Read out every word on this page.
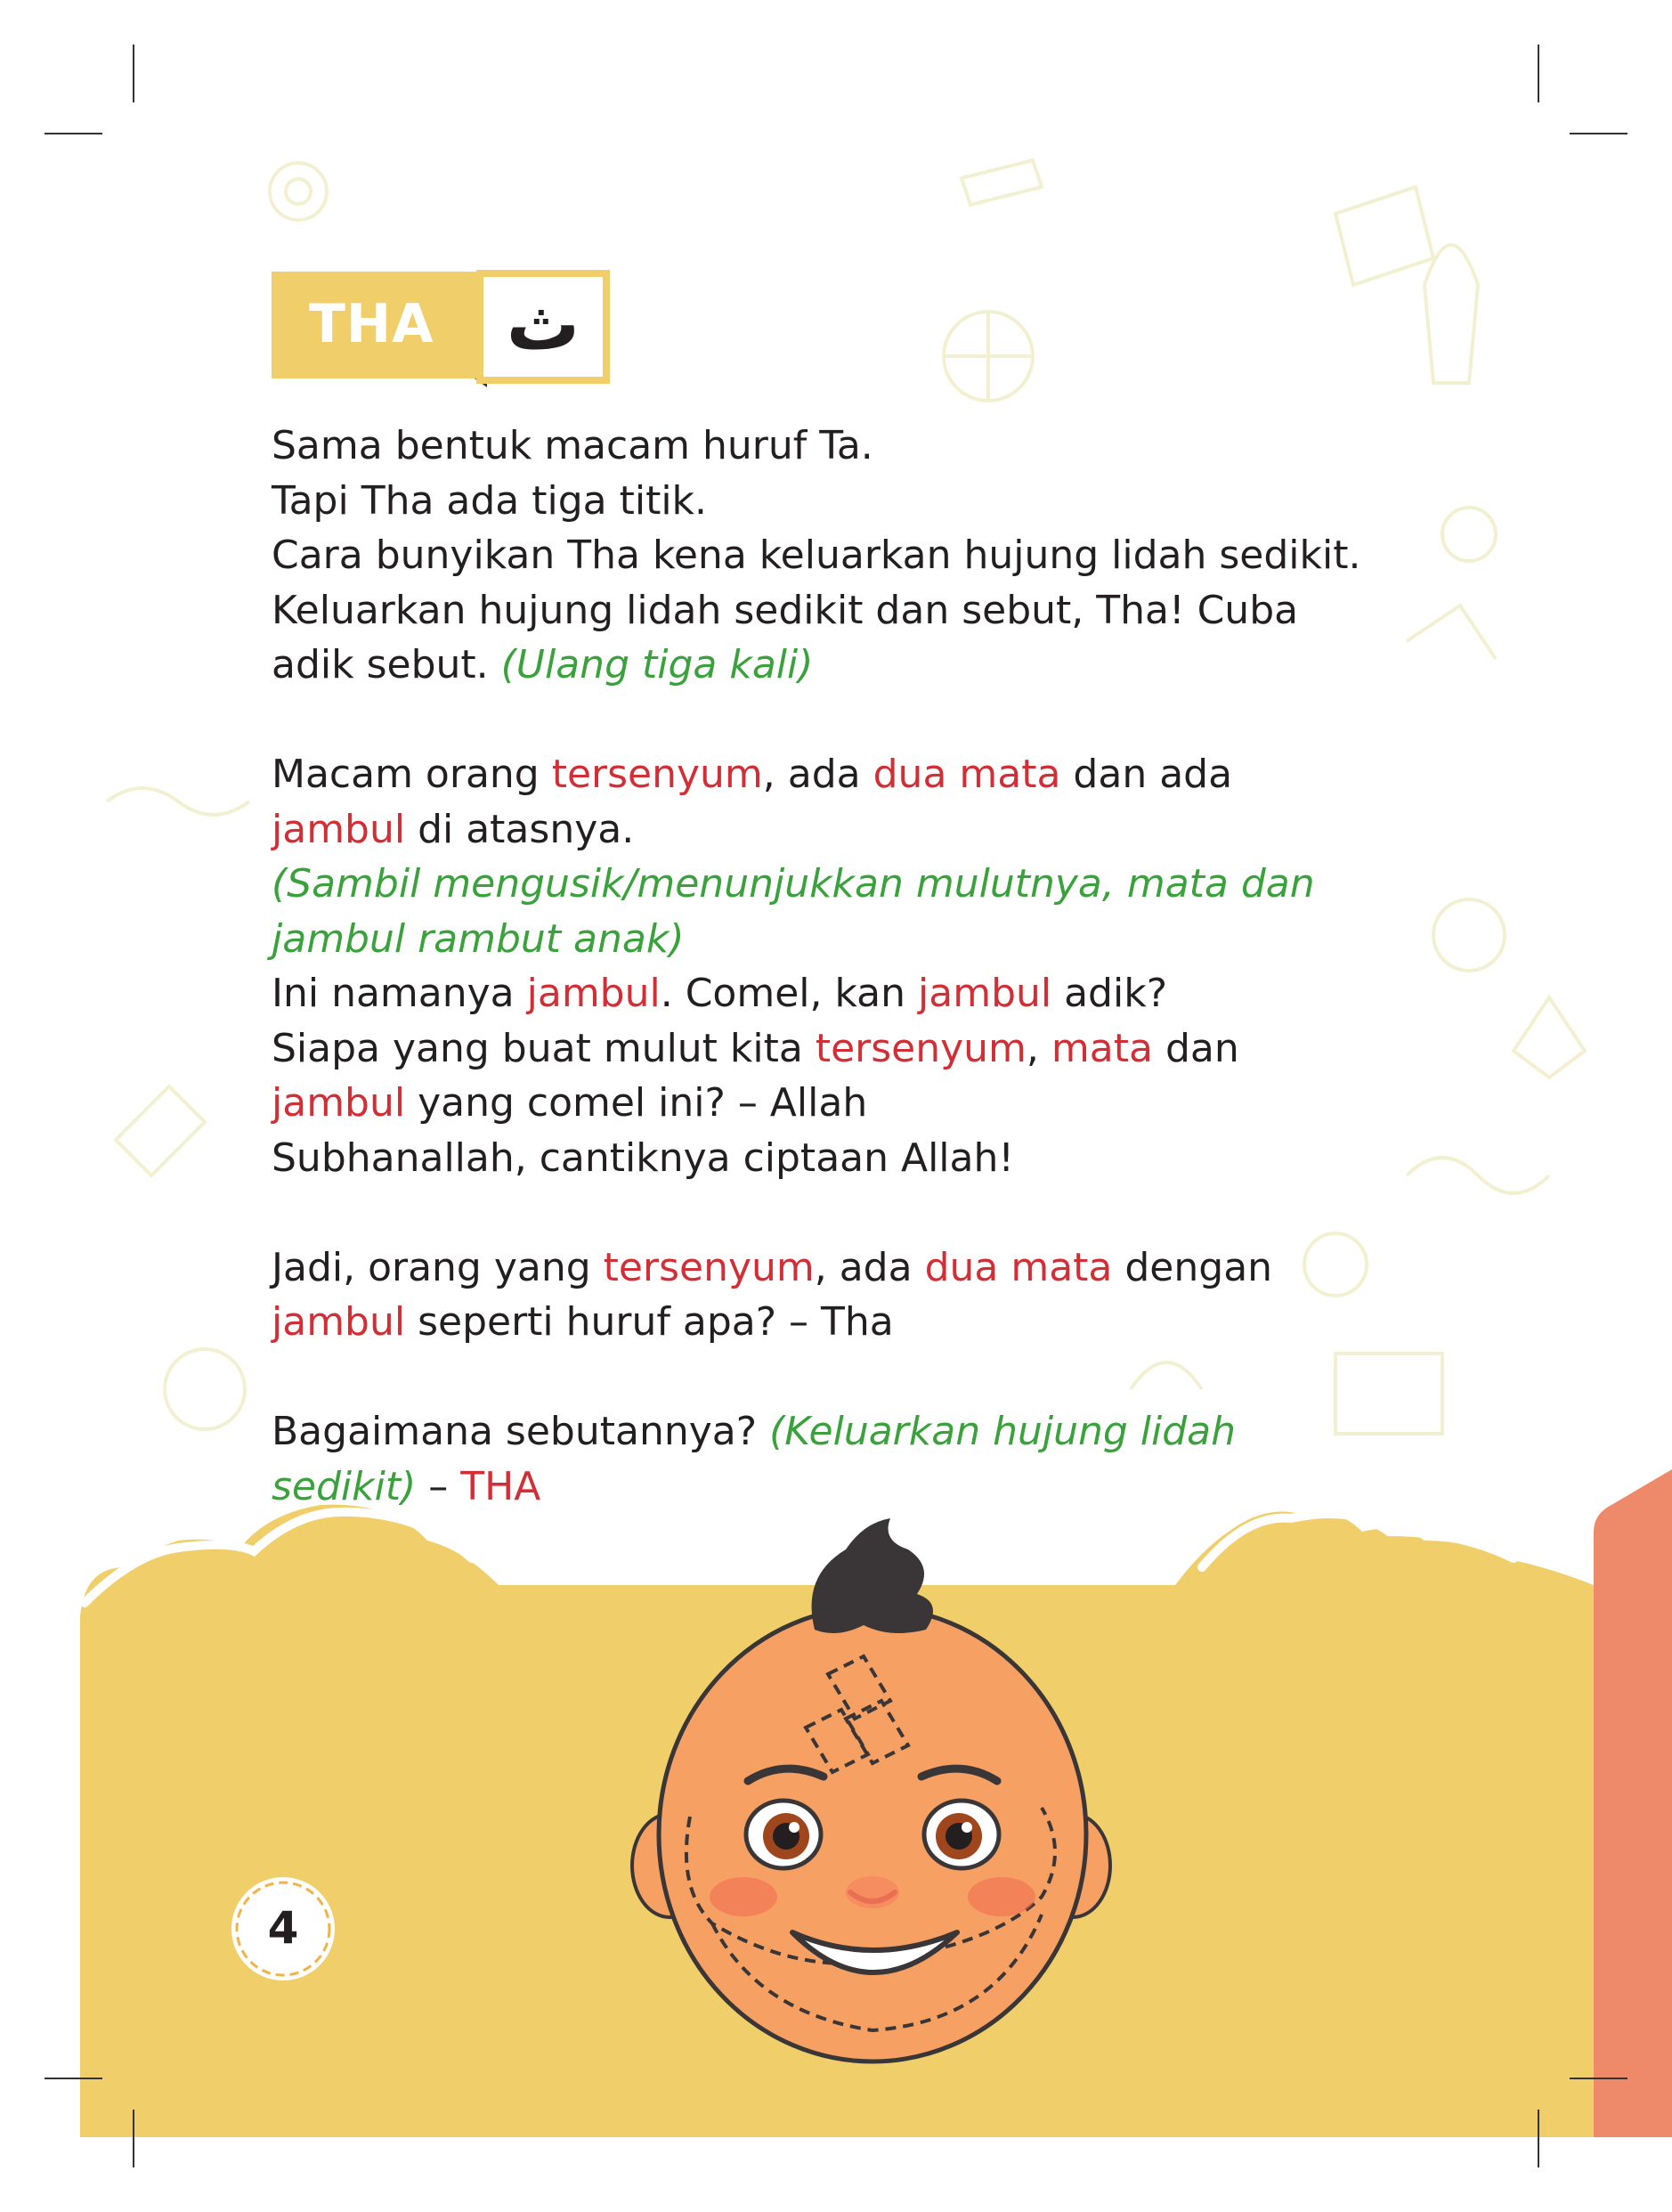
THA ث
Sama bentuk macam huruf Ta.
Tapi Tha ada tiga titik.
Cara bunyikan Tha kena keluarkan hujung lidah sedikit.
Keluarkan hujung lidah sedikit dan sebut, Tha! Cuba
adik sebut. (Ulang tiga kali)
Macam orang tersenyum, ada dua mata dan ada
jambul di atasnya.
(Sambil mengusik/menunjukkan mulutnya, mata dan
jambul rambut anak)
Ini namanya jambul. Comel, kan jambul adik?
Siapa yang buat mulut kita tersenyum, mata dan
jambul yang comel ini? – Allah
Subhanallah, cantiknya ciptaan Allah!
Jadi, orang yang tersenyum, ada dua mata dengan
jambul seperti huruf apa? – Tha
Bagaimana sebutannya? (Keluarkan hujung lidah
sedikit) – THA
4
